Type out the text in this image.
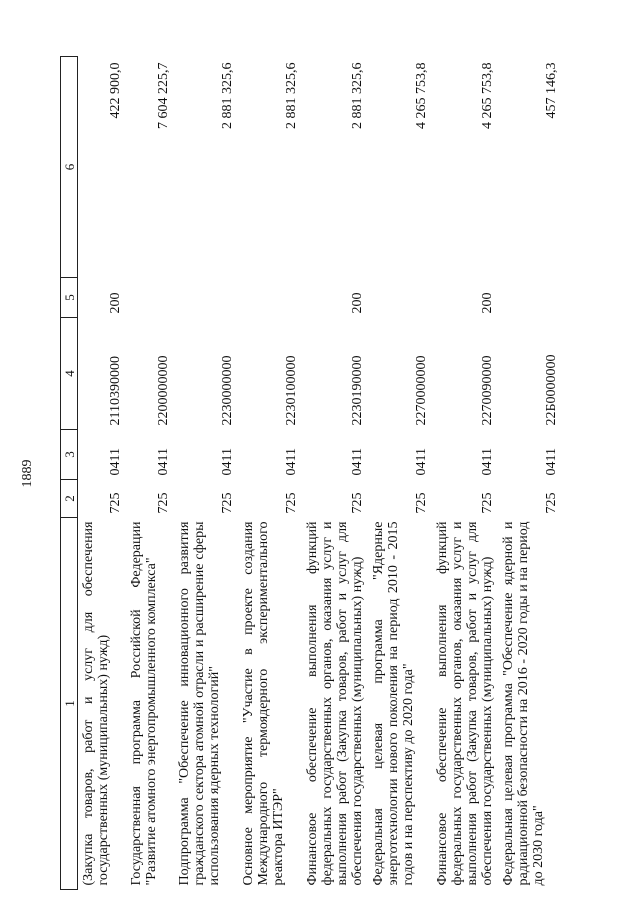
1889
1	2	3	4	5	6
(Закупка товаров, работ и услуг для обеспечения государственных (муниципальных) нужд)	725	0411	2110390000	200	422 900,0
Государственная программа Российской Федерации "Развитие атомного энергопромышленного комплекса"	725	0411	2200000000		7 604 225,7
Подпрограмма "Обеспечение инновационного развития гражданского сектора атомной отрасли и расширение сферы использования ядерных технологий"	725	0411	2230000000		2 881 325,6
Основное мероприятие "Участие в проекте создания Международного термоядерного экспериментального реактора ИТЭР"	725	0411	2230100000		2 881 325,6
Финансовое обеспечение выполнения функций федеральных государственных органов, оказания услуг и выполнения работ (Закупка товаров, работ и услуг для обеспечения государственных (муниципальных) нужд)	725	0411	2230190000	200	2 881 325,6
Федеральная целевая программа "Ядерные энерготехнологии нового поколения на период 2010 - 2015 годов и на перспективу до 2020 года"	725	0411	2270000000		4 265 753,8
Финансовое обеспечение выполнения функций федеральных государственных органов, оказания услуг и выполнения работ (Закупка товаров, работ и услуг для обеспечения государственных (муниципальных) нужд)	725	0411	2270090000	200	4 265 753,8
Федеральная целевая программа "Обеспечение ядерной и радиационной безопасности на 2016 - 2020 годы и на период до 2030 года"	725	0411	22Б0000000		457 146,3
